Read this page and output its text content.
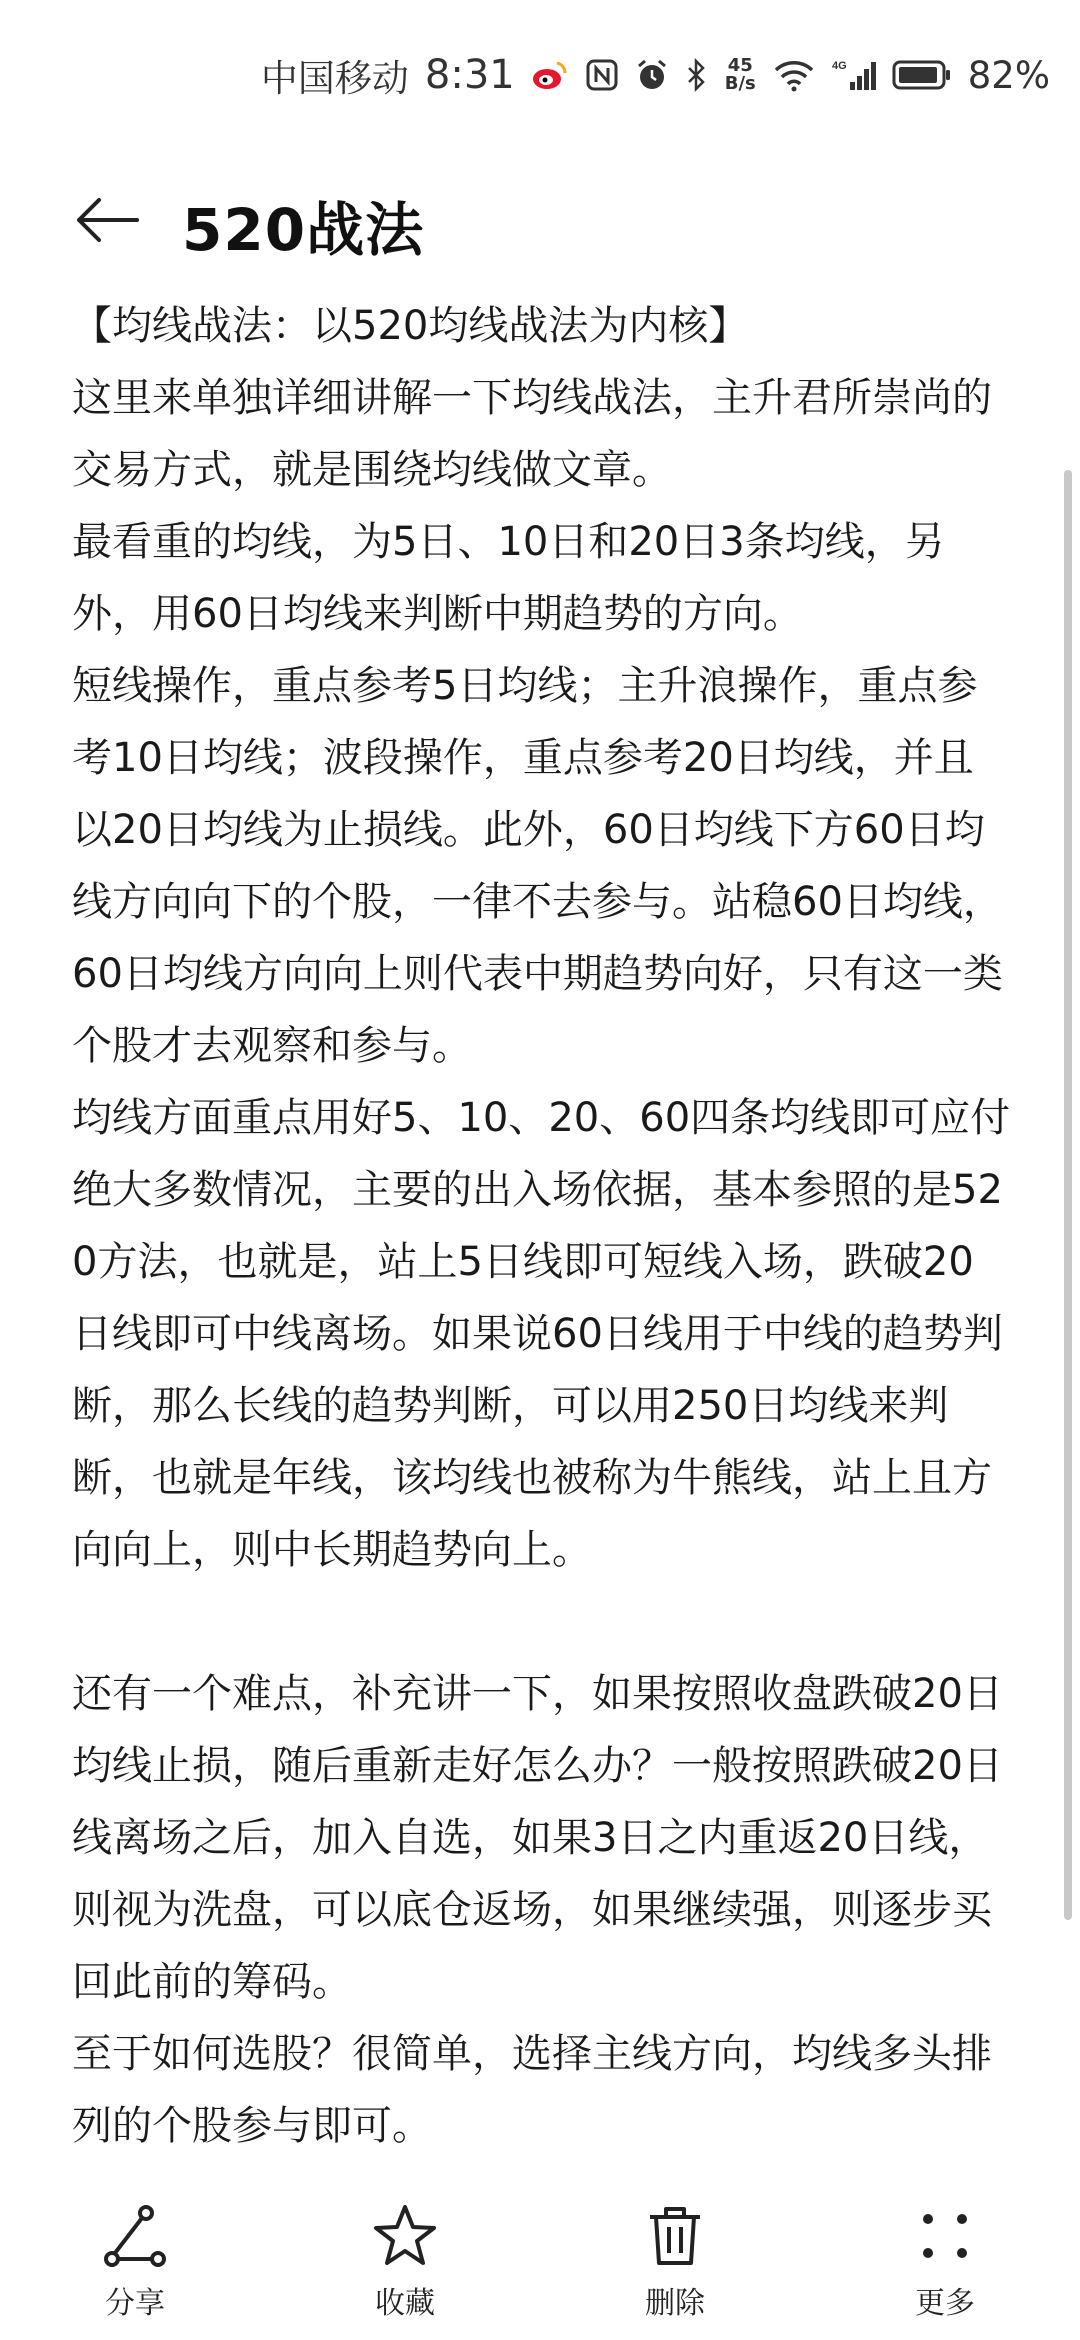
中国移动 8:31	45
B/s
4G	82%
520战法

【均线战法：以520均线战法为内核】

这里来单独详细讲解一下均线战法，主升君所崇尚的交易方式，就是围绕均线做文章。

最看重的均线，为5日、10日和20日3条均线，另外，用60日均线来判断中期趋势的方向。

短线操作，重点参考5日均线；主升浪操作，重点参考10日均线；波段操作，重点参考20日均线，并且以20日均线为止损线。此外，60日均线下方60日均线方向向下的个股，一律不去参与。站稳60日均线，60日均线方向向上则代表中期趋势向好，只有这一类个股才去观察和参与。

均线方面重点用好5、10、20、60四条均线即可应付绝大多数情况，主要的出入场依据，基本参照的是520方法，也就是，站上5日线即可短线入场，跌破20日线即可中线离场。如果说60日线用于中线的趋势判断，那么长线的趋势判断，可以用250日均线来判断，也就是年线，该均线也被称为牛熊线，站上且方向向上，则中长期趋势向上。

还有一个难点，补充讲一下，如果按照收盘跌破20日均线止损，随后重新走好怎么办？一般按照跌破20日线离场之后，加入自选，如果3日之内重返20日线，则视为洗盘，可以底仓返场，如果继续强，则逐步买回此前的筹码。

至于如何选股？很简单，选择主线方向，均线多头排列的个股参与即可。

分享	收藏	删除	更多
